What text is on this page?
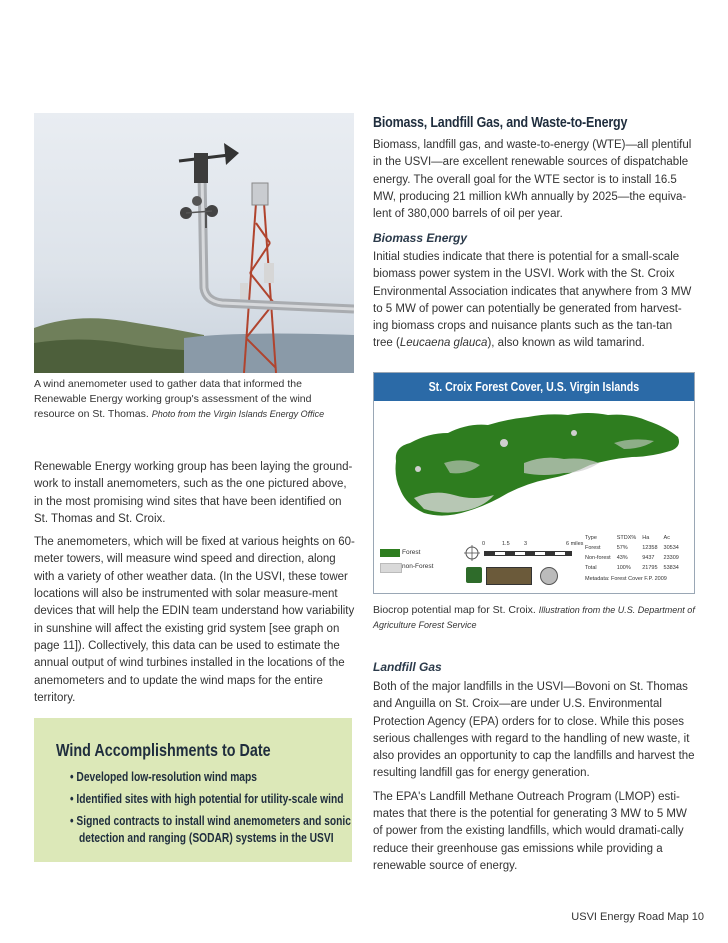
A wind anemometer used to gather data that informed the Renewable Energy working group's assessment of the wind resource on St. Thomas. Photo from the Virgin Islands Energy Office

Renewable Energy working group has been laying the ground-work to install anemometers, such as the one pictured above, in the most promising wind sites that have been identified on St. Thomas and St. Croix.

The anemometers, which will be fixed at various heights on 60-meter towers, will measure wind speed and direction, along with a variety of other weather data. (In the USVI, these tower locations will also be instrumented with solar measure-ment devices that will help the EDIN team understand how variability in sunshine will affect the existing grid system [see graph on page 11]). Collectively, this data can be used to estimate the annual output of wind turbines installed in the locations of the anemometers and to update the wind maps for the entire territory.

Wind Accomplishments to Date
• Developed low-resolution wind maps
• Identified sites with high potential for utility-scale wind
• Signed contracts to install wind anemometers and sonic
detection and ranging (SODAR) systems in the USVI
Biomass, Landfill Gas, and Waste-to-Energy
Biomass, landfill gas, and waste-to-energy (WTE)—all plentiful in the USVI—are excellent renewable sources of dispatchable energy. The overall goal for the WTE sector is to install 16.5 MW, producing 21 million kWh annually by 2025—the equiva-lent of 380,000 barrels of oil per year.
Biomass Energy
Initial studies indicate that there is potential for a small-scale biomass power system in the USVI. Work with the St. Croix Environmental Association indicates that anywhere from 3 MW to 5 MW of power can potentially be generated from harvest-ing biomass crops and nuisance plants such as the tan-tan tree (Leucaena glauca), also known as wild tamarind.
St. Croix Forest Cover, U.S. Virgin Islands
Forest
non-Forest
0	1.5	3	6 miles
Type	STDX%	Ha	Ac
Forest	57%	12358	30534
Non-forest	43%	9437	23309
Total	100%	21795	53834
Metadata: Forest Cover F.P. 2009
Biocrop potential map for St. Croix. Illustration from the U.S. Department of Agriculture Forest Service
Landfill Gas

Both of the major landfills in the USVI—Bovoni on St. Thomas and Anguilla on St. Croix—are under U.S. Environmental Protection Agency (EPA) orders for to close. While this poses serious challenges with regard to the handling of new waste, it also provides an opportunity to cap the landfills and harvest the resulting landfill gas for energy generation.

The EPA's Landfill Methane Outreach Program (LMOP) esti-mates that there is the potential for generating 3 MW to 5 MW of power from the existing landfills, which would dramati-cally reduce their greenhouse gas emissions while providing a renewable source of energy.

USVI Energy Road Map 10
